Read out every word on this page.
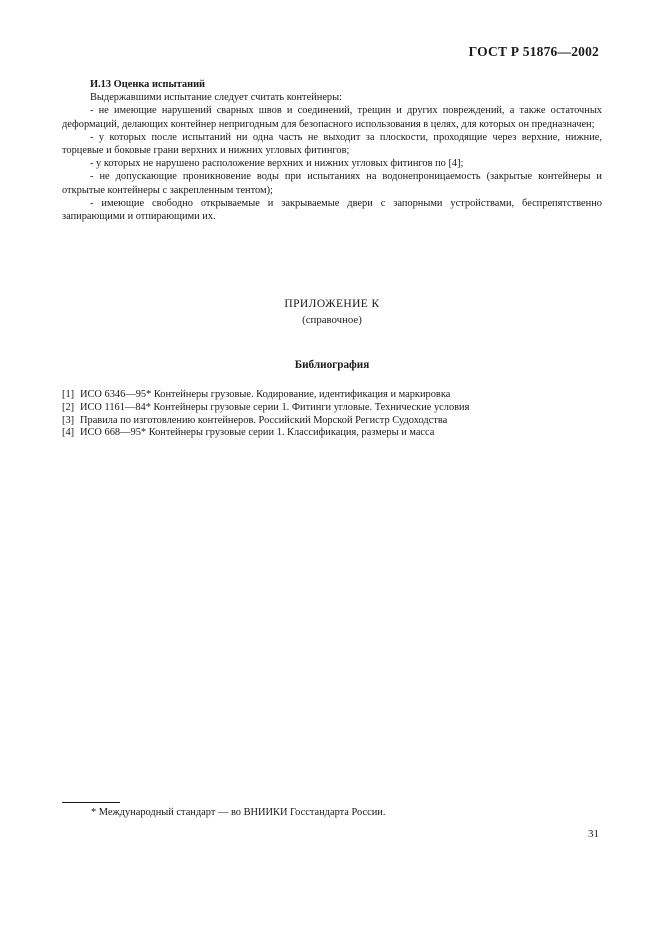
ГОСТ Р 51876—2002

И.13 Оценка испытаний

Выдержавшими испытание следует считать контейнеры:

- не имеющие нарушений сварных швов и соединений, трещин и других повреждений, а также остаточных деформаций, делающих контейнер непригодным для безопасного использования в целях, для которых он предназначен;

- у которых после испытаний ни одна часть не выходит за плоскости, проходящие через верхние, нижние, торцевые и боковые грани верхних и нижних угловых фитингов;

- у которых не нарушено расположение верхних и нижних угловых фитингов по [4];

- не допускающие проникновение воды при испытаниях на водонепроницаемость (закрытые контейнеры и открытые контейнеры с закрепленным тентом);

- имеющие свободно открываемые и закрываемые двери с запорными устройствами, беспрепятственно запирающими и отпирающими их.

ПРИЛОЖЕНИЕ К
(справочное)
Библиография
[1] ИСО 6346—95* Контейнеры грузовые. Кодирование, идентификация и маркировка
[2] ИСО 1161—84* Контейнеры грузовые серии 1. Фитинги угловые. Технические условия
[3] Правила по изготовлению контейнеров. Российский Морской Регистр Судоходства
[4] ИСО 668—95* Контейнеры грузовые серии 1. Классификация, размеры и масса
* Международный стандарт — во ВНИИКИ Госстандарта России.
31
